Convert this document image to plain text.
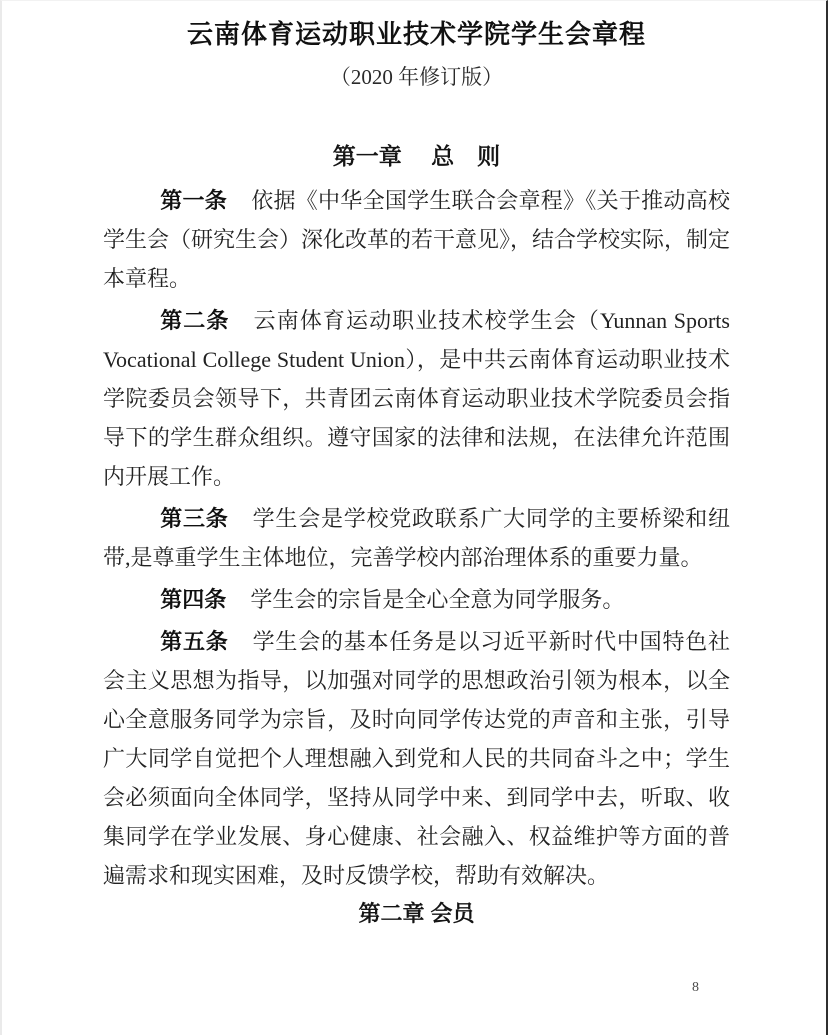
云南体育运动职业技术学院学生会章程
（2020 年修订版）
第一章　 总　则

第一条 依据《中华全国学生联合会章程》《关于推动高校学生会（研究生会）深化改革的若干意见》，结合学校实际，制定本章程。

第二条 云南体育运动职业技术校学生会（Yunnan Sports Vocational College Student Union），是中共云南体育运动职业技术学院委员会领导下，共青团云南体育运动职业技术学院委员会指导下的学生群众组织。遵守国家的法律和法规，在法律允许范围内开展工作。

第三条 学生会是学校党政联系广大同学的主要桥梁和纽带,是尊重学生主体地位，完善学校内部治理体系的重要力量。

第四条 学生会的宗旨是全心全意为同学服务。

第五条 学生会的基本任务是以习近平新时代中国特色社会主义思想为指导，以加强对同学的思想政治引领为根本，以全心全意服务同学为宗旨，及时向同学传达党的声音和主张，引导广大同学自觉把个人理想融入到党和人民的共同奋斗之中；学生会必须面向全体同学，坚持从同学中来、到同学中去，听取、收集同学在学业发展、身心健康、社会融入、权益维护等方面的普遍需求和现实困难，及时反馈学校，帮助有效解决。

第二章 会员
8
